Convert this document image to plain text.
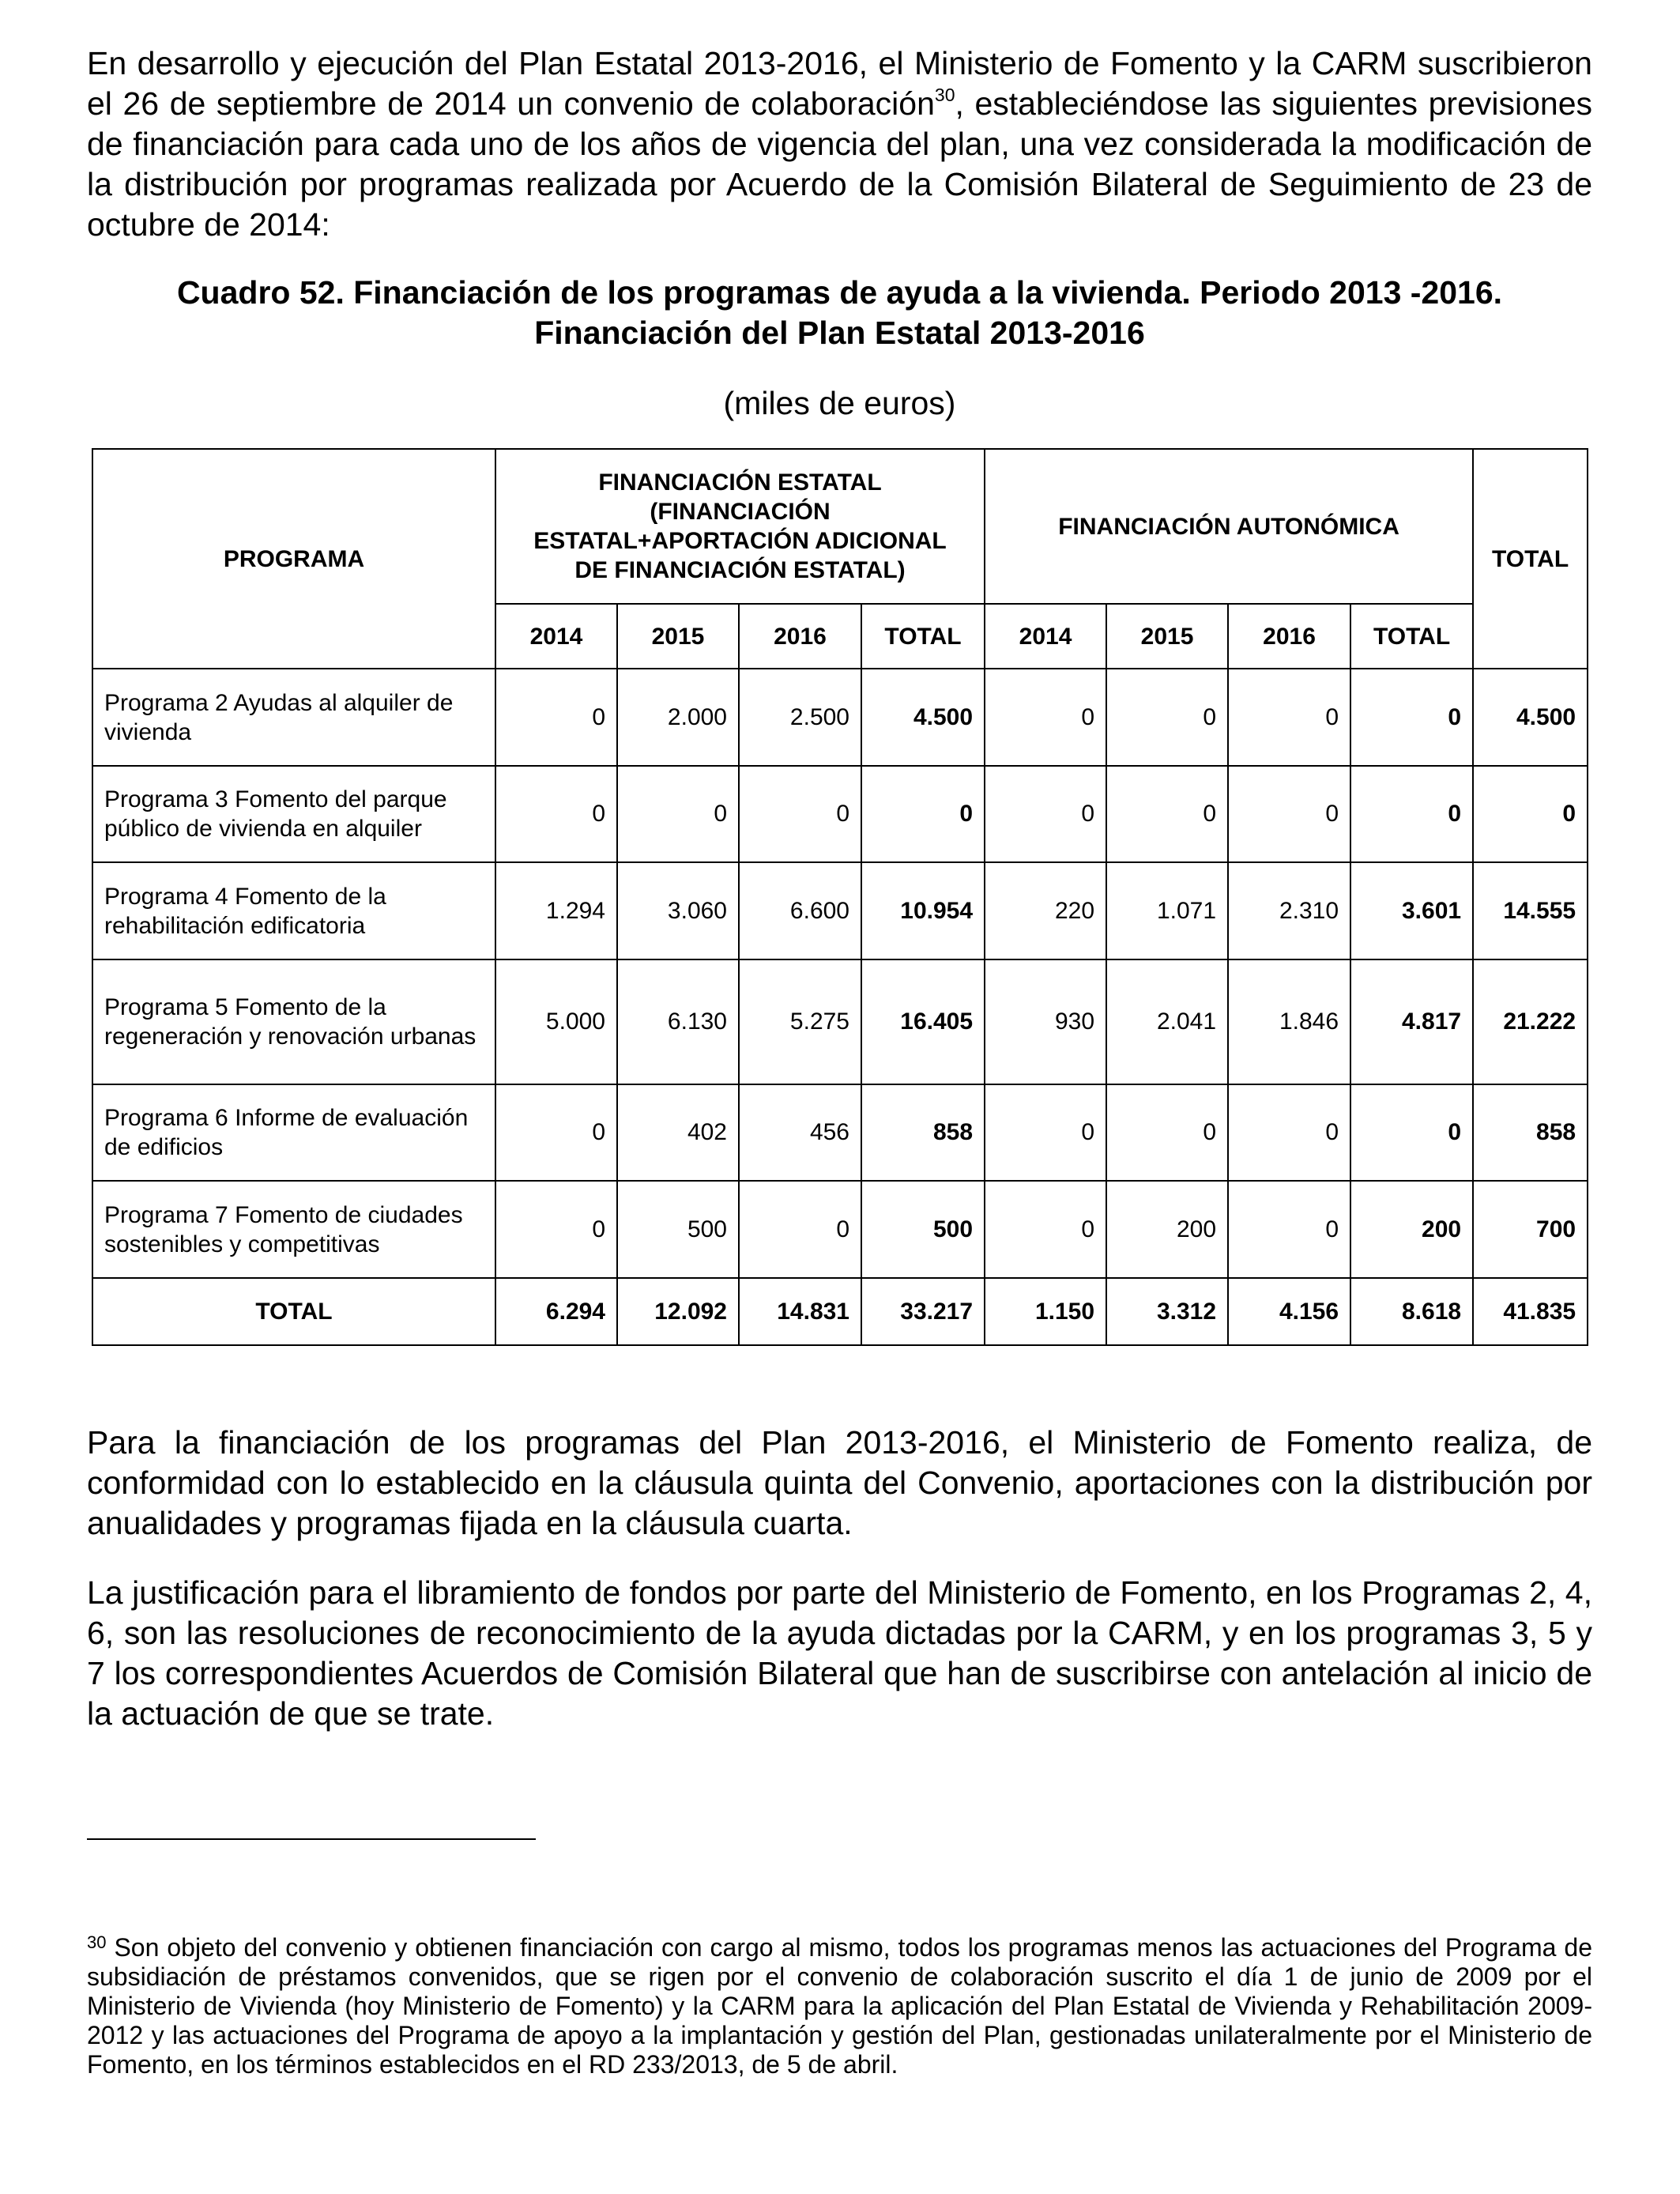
En desarrollo y ejecución del Plan Estatal 2013-2016, el Ministerio de Fomento y la CARM suscribieron el 26 de septiembre de 2014 un convenio de colaboración$^{30}$, estableciéndose las siguientes previsiones de financiación para cada uno de los años de vigencia del plan, una vez considerada la modificación de la distribución por programas realizada por Acuerdo de la Comisión Bilateral de Seguimiento de 23 de octubre de 2014:

Cuadro 52. Financiación de los programas de ayuda a la vivienda. Periodo 2013 -2016.
Financiación del Plan Estatal 2013-2016

(miles de euros)

PROGRAMA	FINANCIACIÓN ESTATAL
(FINANCIACIÓN
ESTATAL+APORTACIÓN ADICIONAL
DE FINANCIACIÓN ESTATAL)				FINANCIACIÓN AUTONÓMICA				TOTAL
	2014	2015	2016	TOTAL	2014	2015	2016	TOTAL	
Programa 2 Ayudas al alquiler de vivienda	0	2.000	2.500	4.500	0	0	0	0	4.500
Programa 3 Fomento del parque público de vivienda en alquiler	0	0	0	0	0	0	0	0	0
Programa 4 Fomento de la rehabilitación edificatoria	1.294	3.060	6.600	10.954	220	1.071	2.310	3.601	14.555
Programa 5 Fomento de la regeneración y renovación urbanas	5.000	6.130	5.275	16.405	930	2.041	1.846	4.817	21.222
Programa 6 Informe de evaluación de edificios	0	402	456	858	0	0	0	0	858
Programa 7 Fomento de ciudades sostenibles y competitivas	0	500	0	500	0	200	0	200	700
TOTAL	6.294	12.092	14.831	33.217	1.150	3.312	4.156	8.618	41.835

Para la financiación de los programas del Plan 2013-2016, el Ministerio de Fomento realiza, de conformidad con lo establecido en la cláusula quinta del Convenio, aportaciones con la distribución por anualidades y programas fijada en la cláusula cuarta.

La justificación para el libramiento de fondos por parte del Ministerio de Fomento, en los Programas 2, 4, 6, son las resoluciones de reconocimiento de la ayuda dictadas por la CARM, y en los programas 3, 5 y 7 los correspondientes Acuerdos de Comisión Bilateral que han de suscribirse con antelación al inicio de la actuación de que se trate.

$^{30}$ Son objeto del convenio y obtienen financiación con cargo al mismo, todos los programas menos las actuaciones del Programa de subsidiación de préstamos convenidos, que se rigen por el convenio de colaboración suscrito el día 1 de junio de 2009 por el Ministerio de Vivienda (hoy Ministerio de Fomento) y la CARM para la aplicación del Plan Estatal de Vivienda y Rehabilitación 2009-2012 y las actuaciones del Programa de apoyo a la implantación y gestión del Plan, gestionadas unilateralmente por el Ministerio de Fomento, en los términos establecidos en el RD 233/2013, de 5 de abril.
